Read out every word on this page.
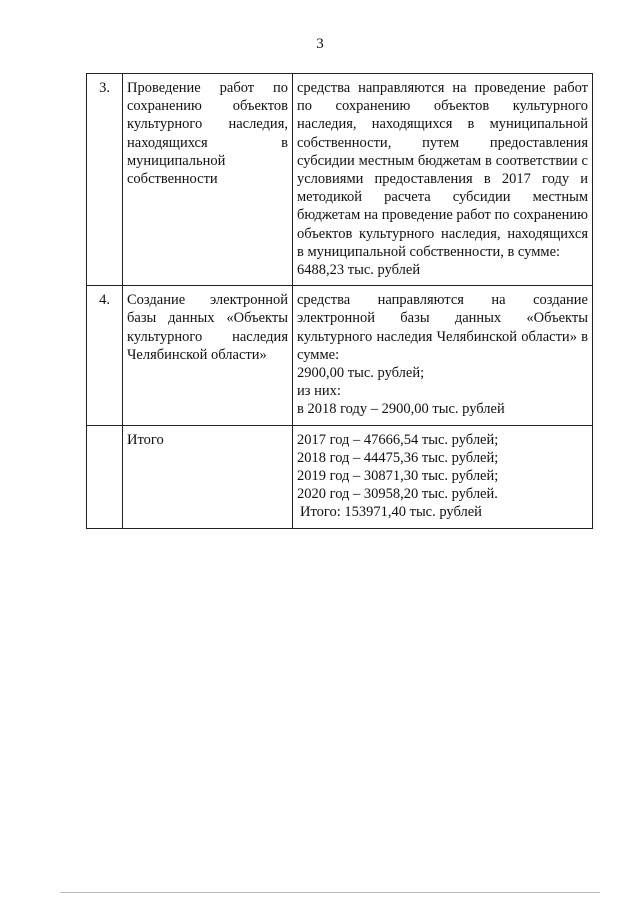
3
3.	Проведение работ по сохранению объектов культурного наследия, находящихся в муниципальной собственности	средства направляются на проведение работ по сохранению объектов культурного наследия, находящихся в муниципальной собственности, путем предоставления субсидии местным бюджетам в соответствии с условиями предоставления в 2017 году и методикой расчета субсидии местным бюджетам на проведение работ по сохранению объектов культурного наследия, находящихся в муниципальной собственности, в сумме:
6488,23 тыс. рублей

4.	Создание электронной базы данных «Объекты культурного наследия Челябинской области»	средства направляются на создание электронной базы данных «Объекты культурного наследия Челябинской области» в сумме:
2900,00 тыс. рублей;
из них:
в 2018 году – 2900,00 тыс. рублей

	Итого	2017 год – 47666,54 тыс. рублей;
2018 год – 44475,36 тыс. рублей;
2019 год – 30871,30 тыс. рублей;
2020 год – 30958,20 тыс. рублей.
Итого: 153971,40 тыс. рублей
